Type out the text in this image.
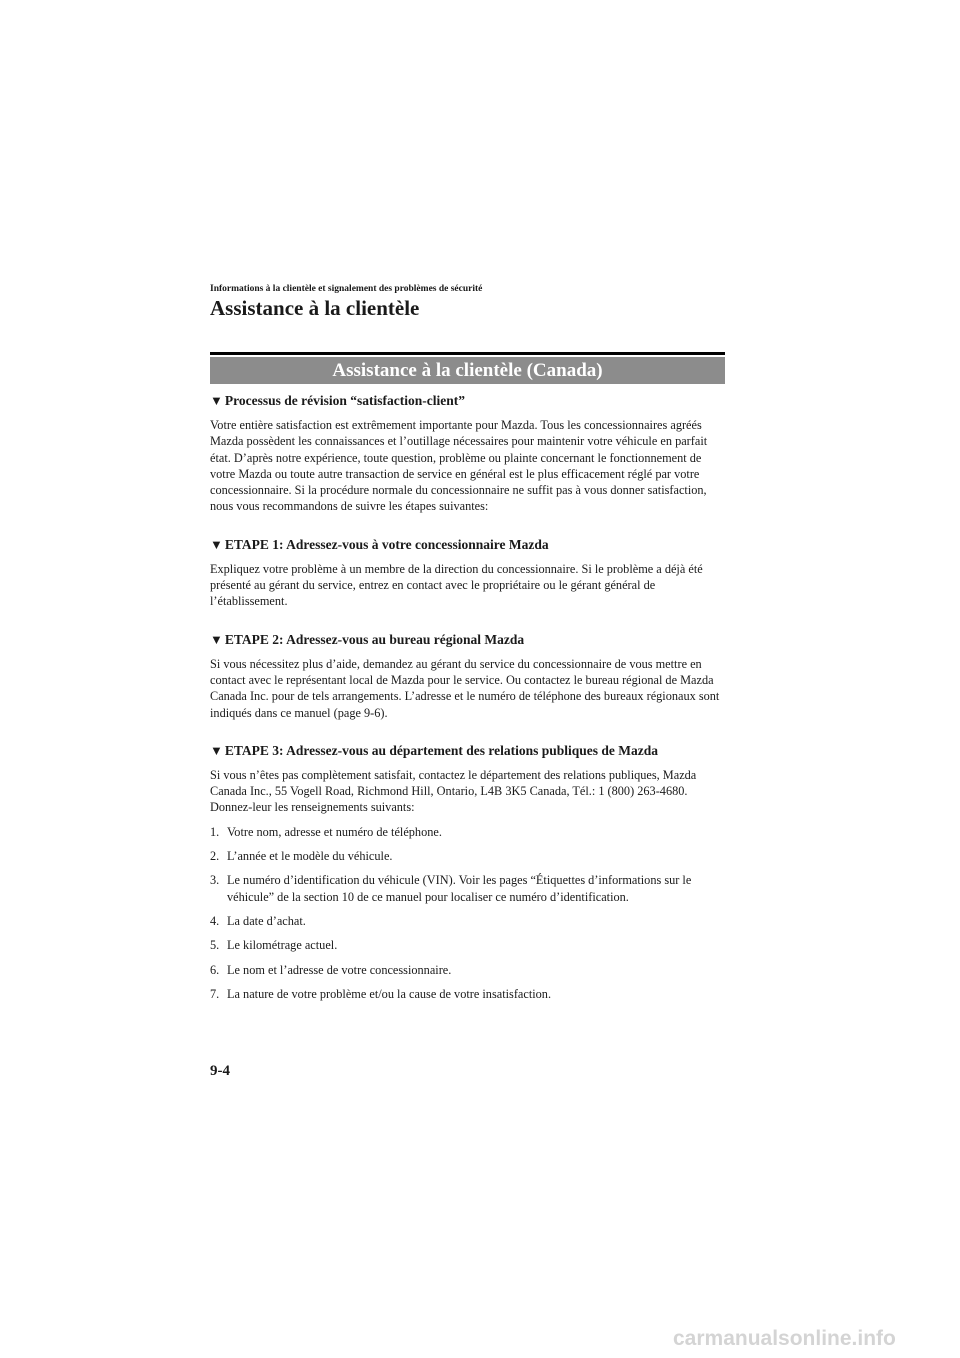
Informations à la clientèle et signalement des problèmes de sécurité
Assistance à la clientèle
Assistance à la clientèle (Canada)
▼ Processus de révision “satisfaction-client”

Votre entière satisfaction est extrêmement importante pour Mazda. Tous les concessionnaires agréés Mazda possèdent les connaissances et l’outillage nécessaires pour maintenir votre véhicule en parfait état. D’après notre expérience, toute question, problème ou plainte concernant le fonctionnement de votre Mazda ou toute autre transaction de service en général est le plus efficacement réglé par votre concessionnaire. Si la procédure normale du concessionnaire ne suffit pas à vous donner satisfaction, nous vous recommandons de suivre les étapes suivantes:

▼ ETAPE 1: Adressez-vous à votre concessionnaire Mazda

Expliquez votre problème à un membre de la direction du concessionnaire. Si le problème a déjà été présenté au gérant du service, entrez en contact avec le propriétaire ou le gérant général de l’établissement.

▼ ETAPE 2: Adressez-vous au bureau régional Mazda

Si vous nécessitez plus d’aide, demandez au gérant du service du concessionnaire de vous mettre en contact avec le représentant local de Mazda pour le service. Ou contactez le bureau régional de Mazda Canada Inc. pour de tels arrangements. L’adresse et le numéro de téléphone des bureaux régionaux sont indiqués dans ce manuel (page 9-6).

▼ ETAPE 3: Adressez-vous au département des relations publiques de Mazda

Si vous n’êtes pas complètement satisfait, contactez le département des relations publiques, Mazda Canada Inc., 55 Vogell Road, Richmond Hill, Ontario, L4B 3K5 Canada, Tél.: 1 (800) 263-4680.

Donnez-leur les renseignements suivants:

1. Votre nom, adresse et numéro de téléphone.
2. L’année et le modèle du véhicule.
3. Le numéro d’identification du véhicule (VIN). Voir les pages “Étiquettes d’informations sur le véhicule” de la section 10 de ce manuel pour localiser ce numéro d’identification.
4. La date d’achat.
5. Le kilométrage actuel.
6. Le nom et l’adresse de votre concessionnaire.
7. La nature de votre problème et/ou la cause de votre insatisfaction.
9-4
carmanualsonline.info
